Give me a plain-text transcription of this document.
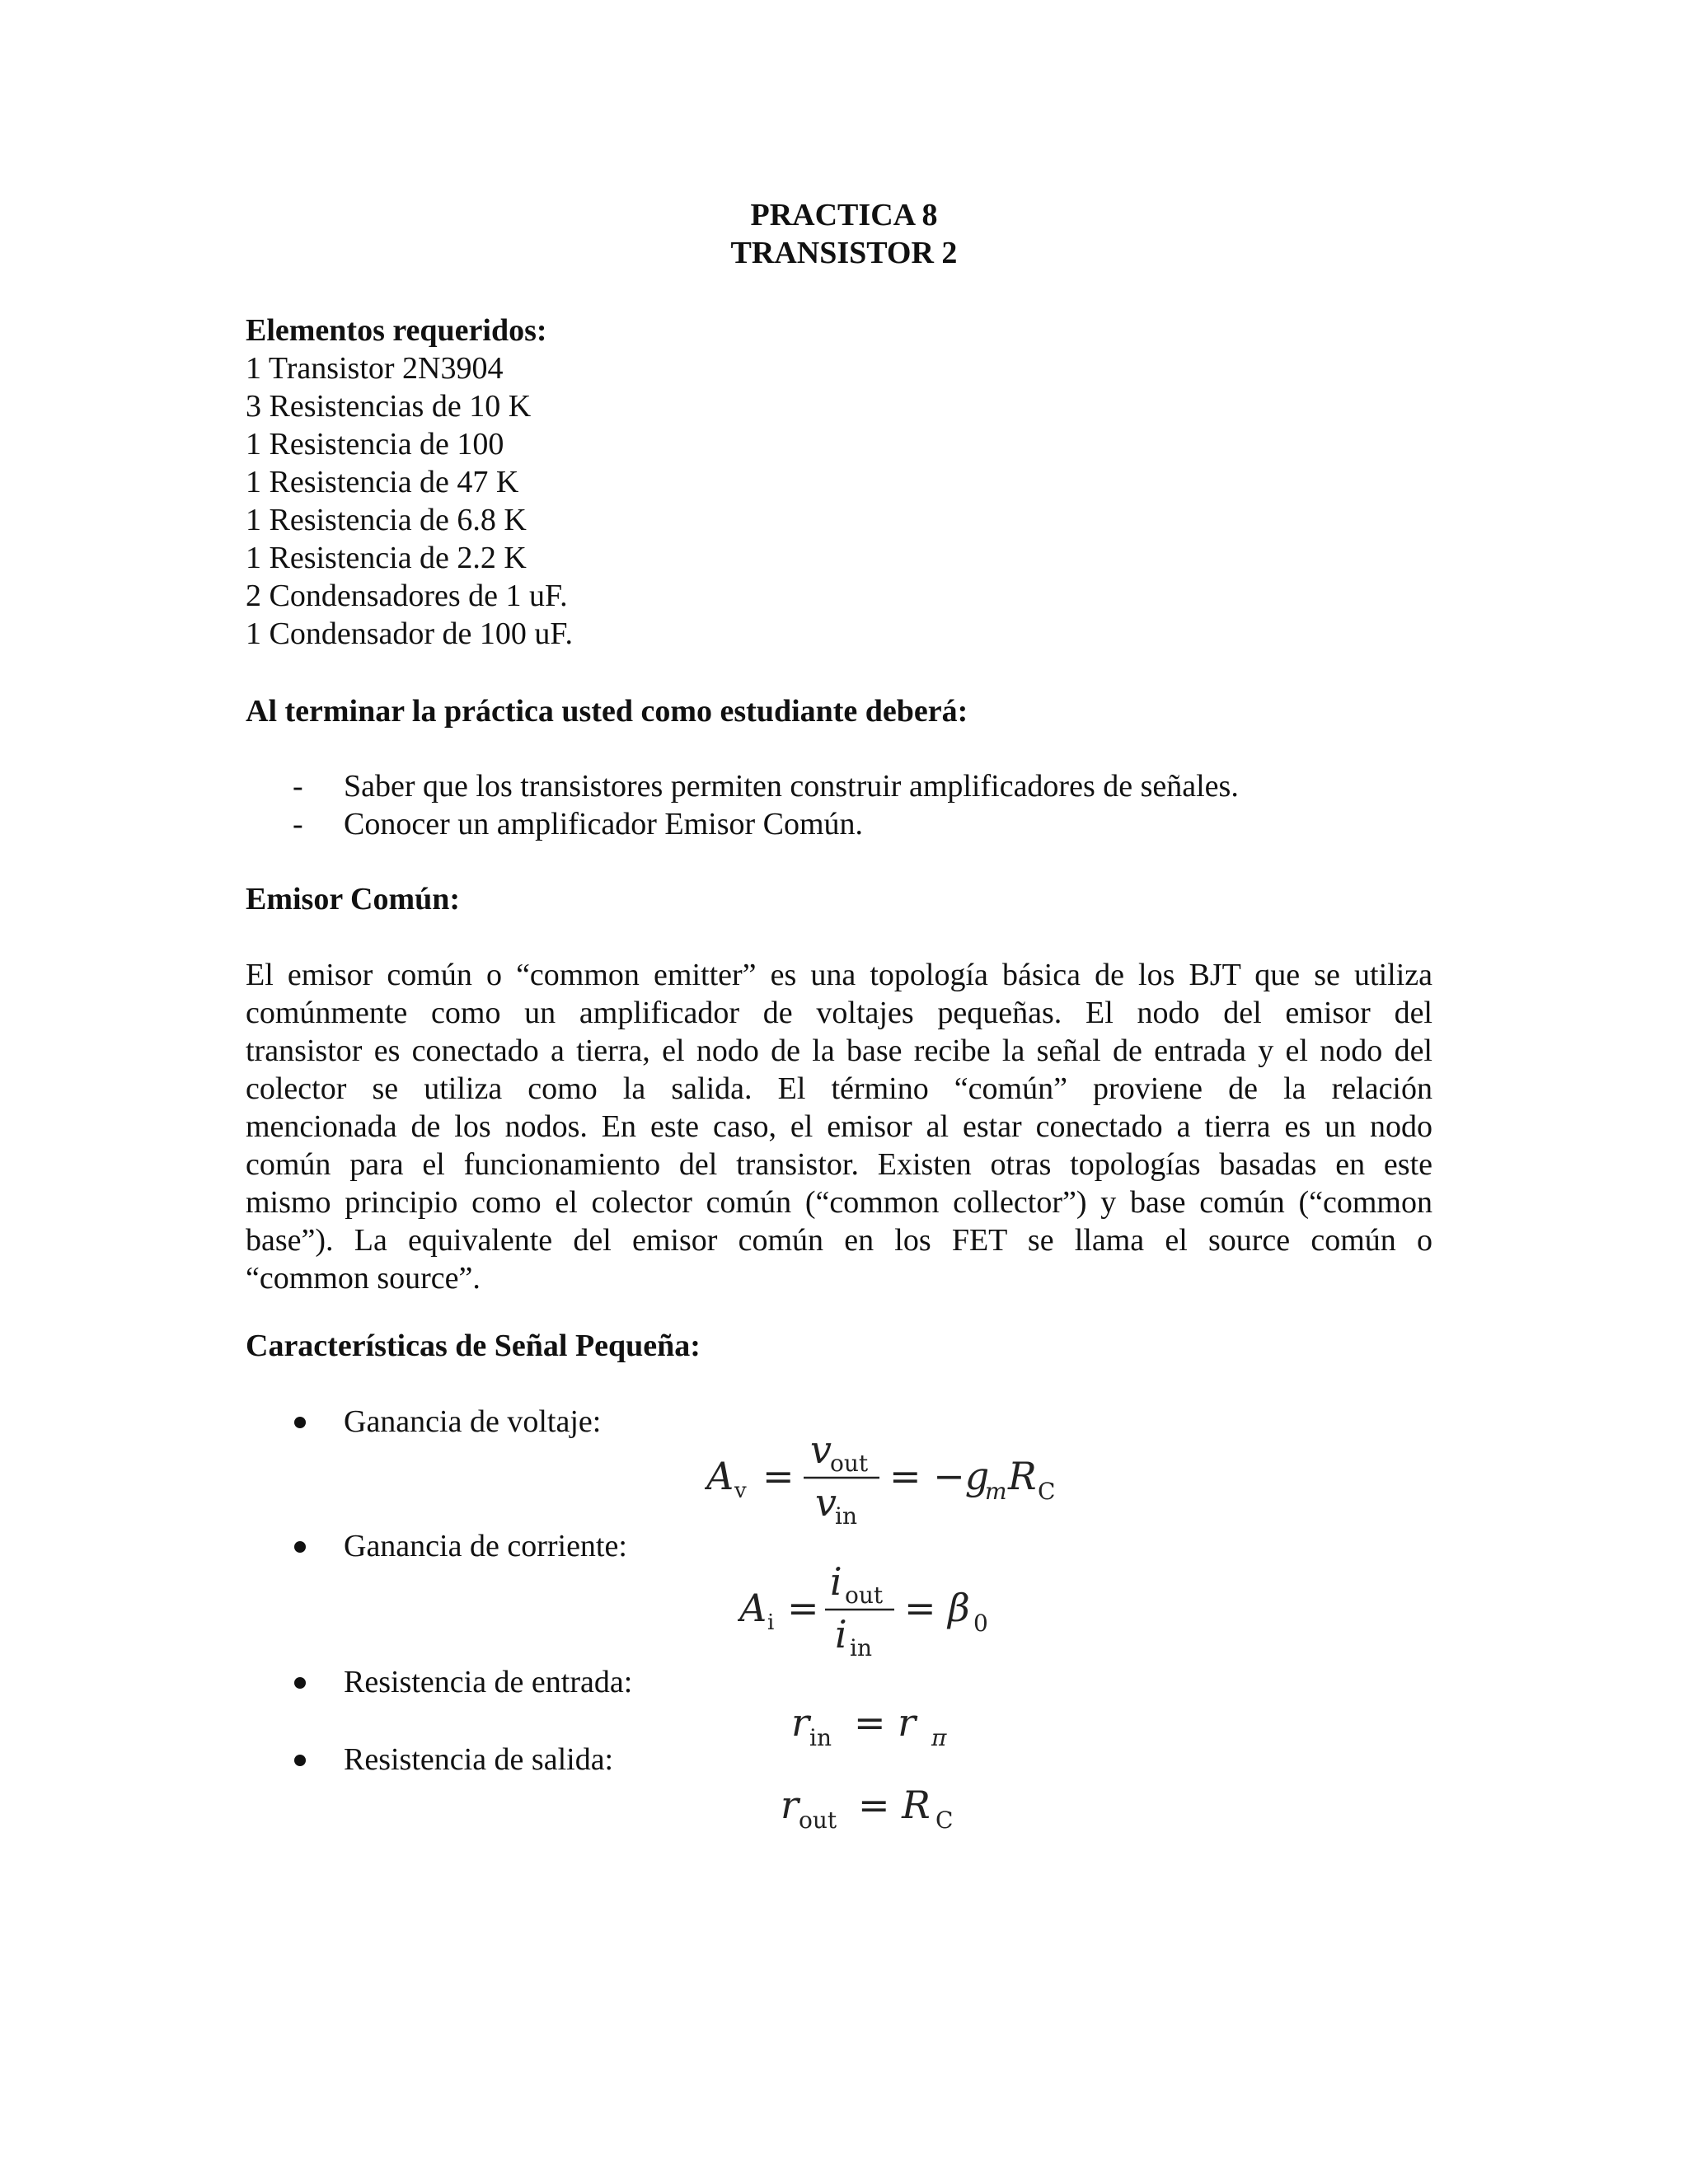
PRACTICA 8
TRANSISTOR 2
Elementos requeridos:
1 Transistor 2N3904
3 Resistencias de 10 K
1 Resistencia de 100
1 Resistencia de 47 K
1 Resistencia de 6.8 K
1 Resistencia de 2.2 K
2 Condensadores de 1 uF.
1 Condensador de 100 uF.
Al terminar la práctica usted como estudiante deberá:
- Saber que los transistores permiten construir amplificadores de señales.
- Conocer un amplificador Emisor Común.
Emisor Común:
El emisor común o “common emitter” es una topología básica de los BJT que se utiliza
comúnmente como un amplificador de voltajes pequeñas. El nodo del emisor del
transistor es conectado a tierra, el nodo de la base recibe la señal de entrada y el nodo del
colector se utiliza como la salida. El término “común” proviene de la relación
mencionada de los nodos. En este caso, el emisor al estar conectado a tierra es un nodo
común para el funcionamiento del transistor. Existen otras topologías basadas en este
mismo principio como el colector común (“common collector”) y base común (“common
base”). La equivalente del emisor común en los FET se llama el source común o
“common source”.
Características de Señal Pequeña:
Ganancia de voltaje:
Ganancia de corriente:
Resistencia de entrada:
Resistencia de salida:
A v =
v
out
v
in
= −g
m R C
A i =
i out
i in
= β 0
r in = r π
r out = R C
